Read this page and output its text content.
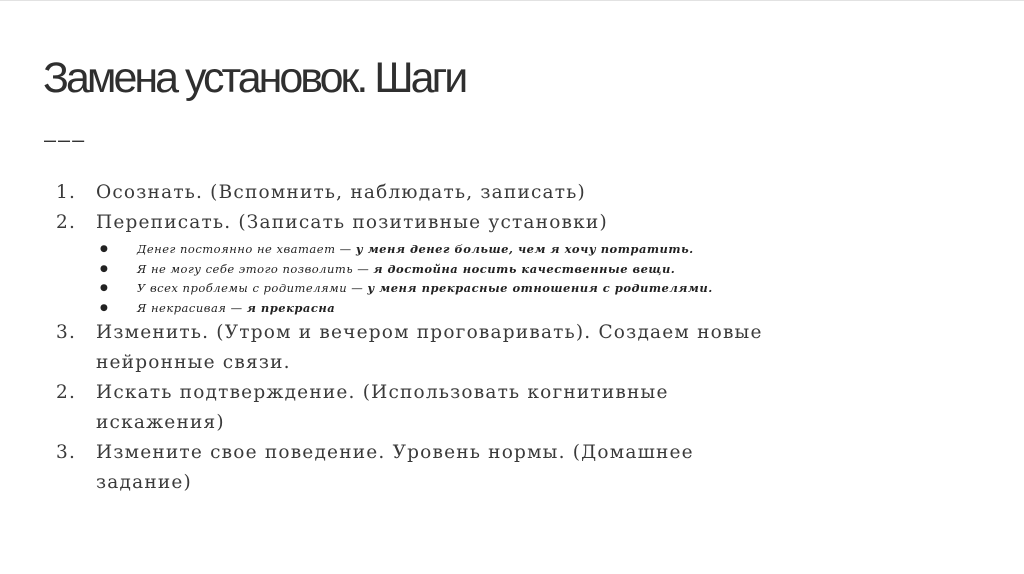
Замена установок. Шаги
———
1.	Осознать. (Вспомнить, наблюдать, записать)
2.	Переписать. (Записать позитивные установки)
●	Денег постоянно не хватает — у меня денег больше, чем я хочу потратить.
●	Я не могу себе этого позволить — я достойна носить качественные вещи.
●	У всех проблемы с родителями — у меня прекрасные отношения с родителями.
●	Я некрасивая — я прекрасна
3.	Изменить. (Утром и вечером проговаривать). Создаем новые нейронные связи.
2.	Искать подтверждение. (Использовать когнитивные искажения)
3.	Измените свое поведение. Уровень нормы. (Домашнее задание)
